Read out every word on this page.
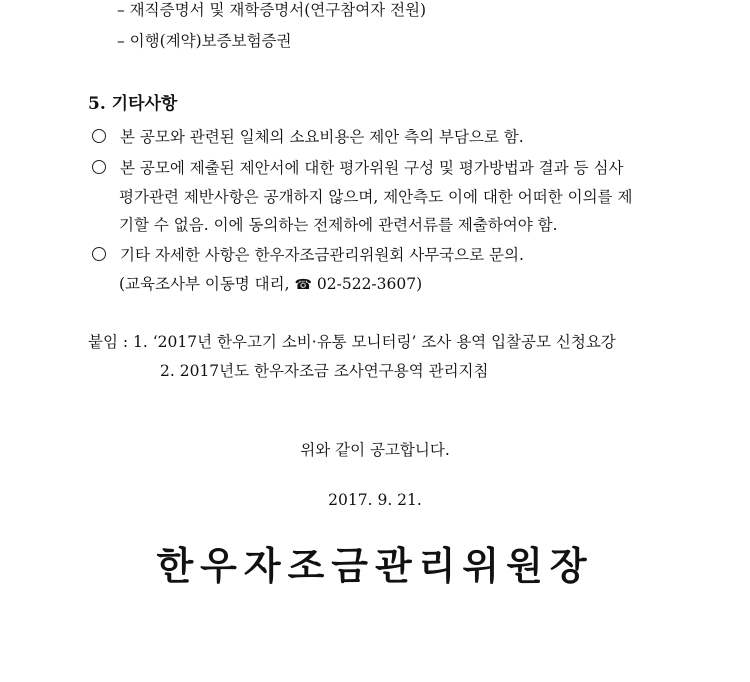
– 재직증명서 및 재학증명서(연구참여자 전원)
– 이행(계약)보증보험증권
5. 기타사항
본 공모와 관련된 일체의 소요비용은 제안 측의 부담으로 함.
본 공모에 제출된 제안서에 대한 평가위원 구성 및 평가방법과 결과 등 심사
평가관련 제반사항은 공개하지 않으며, 제안측도 이에 대한 어떠한 이의를 제
기할 수 없음. 이에 동의하는 전제하에 관련서류를 제출하여야 함.
기타 자세한 사항은 한우자조금관리위원회 사무국으로 문의.
(교육조사부 이동명 대리, ☎ 02-522-3607)
붙임 : 1. ‘2017년 한우고기 소비·유통 모니터링’ 조사 용역 입찰공모 신청요강
2. 2017년도 한우자조금 조사연구용역 관리지침
위와 같이 공고합니다.
2017. 9. 21.
한우자조금관리위원장
